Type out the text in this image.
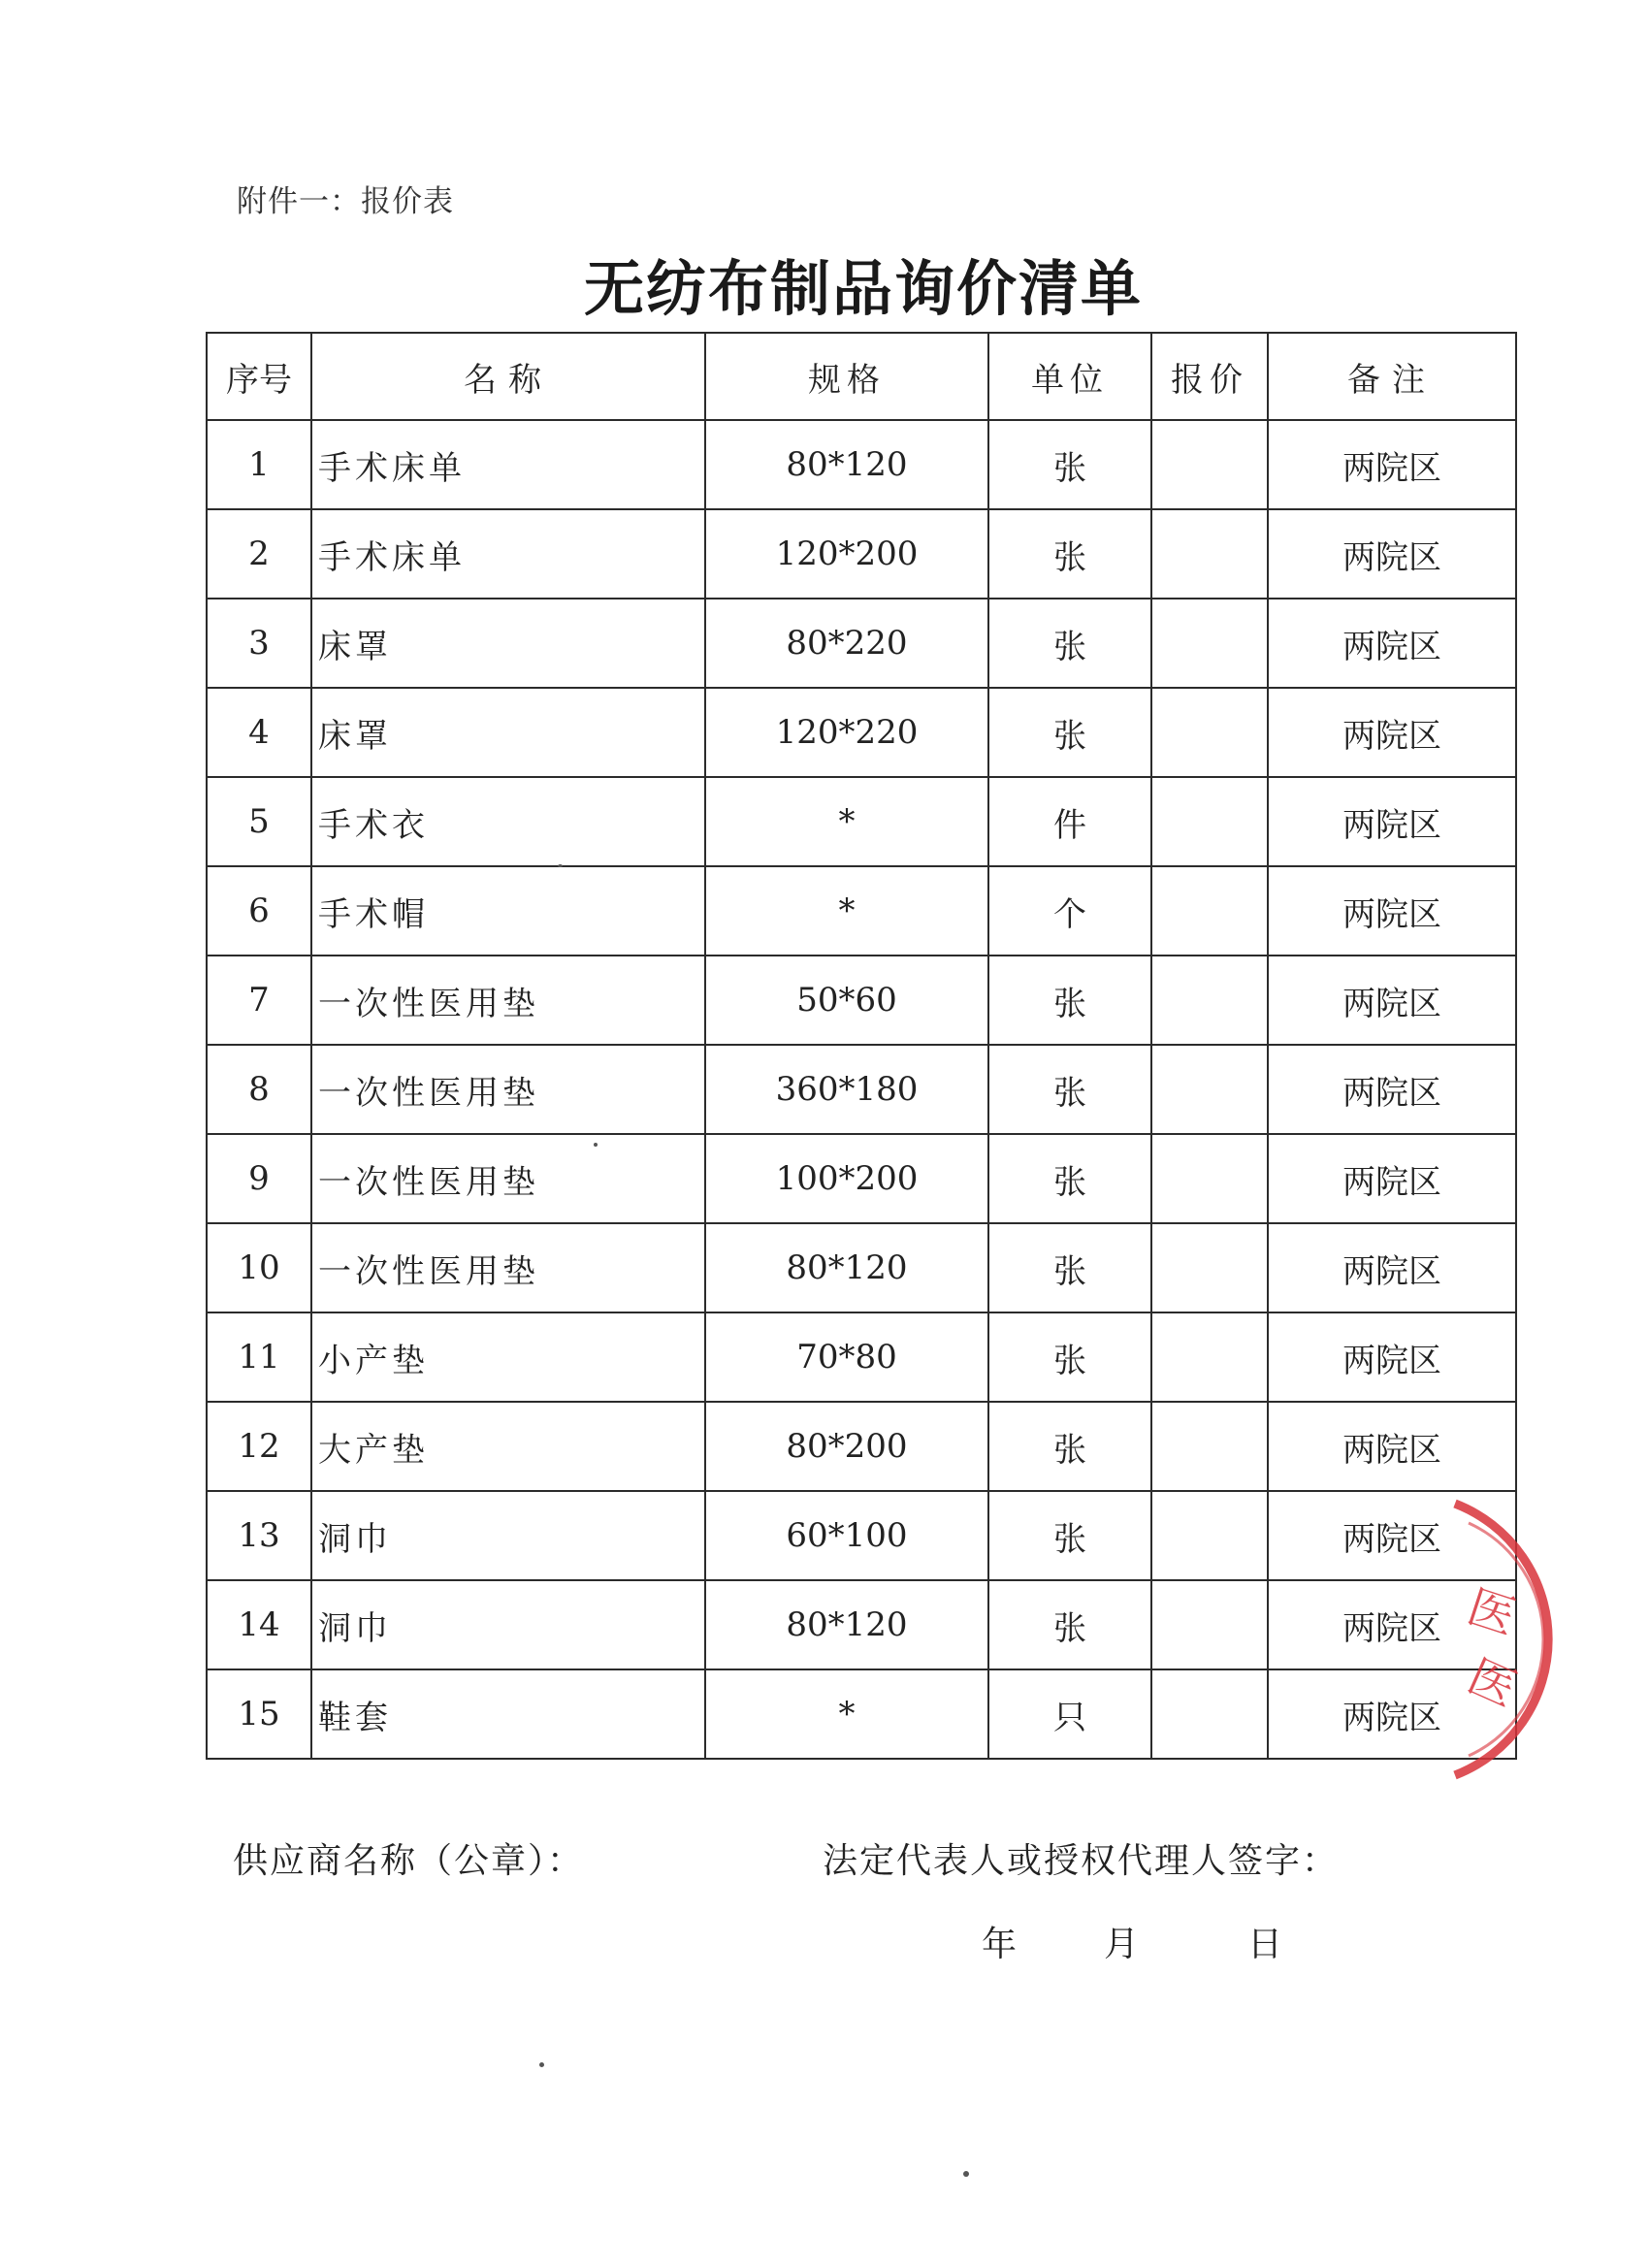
附件一：报价表
无纺布制品询价清单
序号	名称	规格	单位	报价	备注
1	手术床单	80*120	张		两院区
2	手术床单	120*200	张		两院区
3	床罩	80*220	张		两院区
4	床罩	120*220	张		两院区
5	手术衣	*	件		两院区
6	手术帽	*	个		两院区
7	一次性医用垫	50*60	张		两院区
8	一次性医用垫	360*180	张		两院区
9	一次性医用垫	100*200	张		两院区
10	一次性医用垫	80*120	张		两院区
11	小产垫	70*80	张		两院区
12	大产垫	80*200	张		两院区
13	洞巾	60*100	张		两院区
14	洞巾	80*120	张		两院区
15	鞋套	*	只		两院区
供应商名称（公章）：	法定代表人或授权代理人签字：
年 月	日
医
医
